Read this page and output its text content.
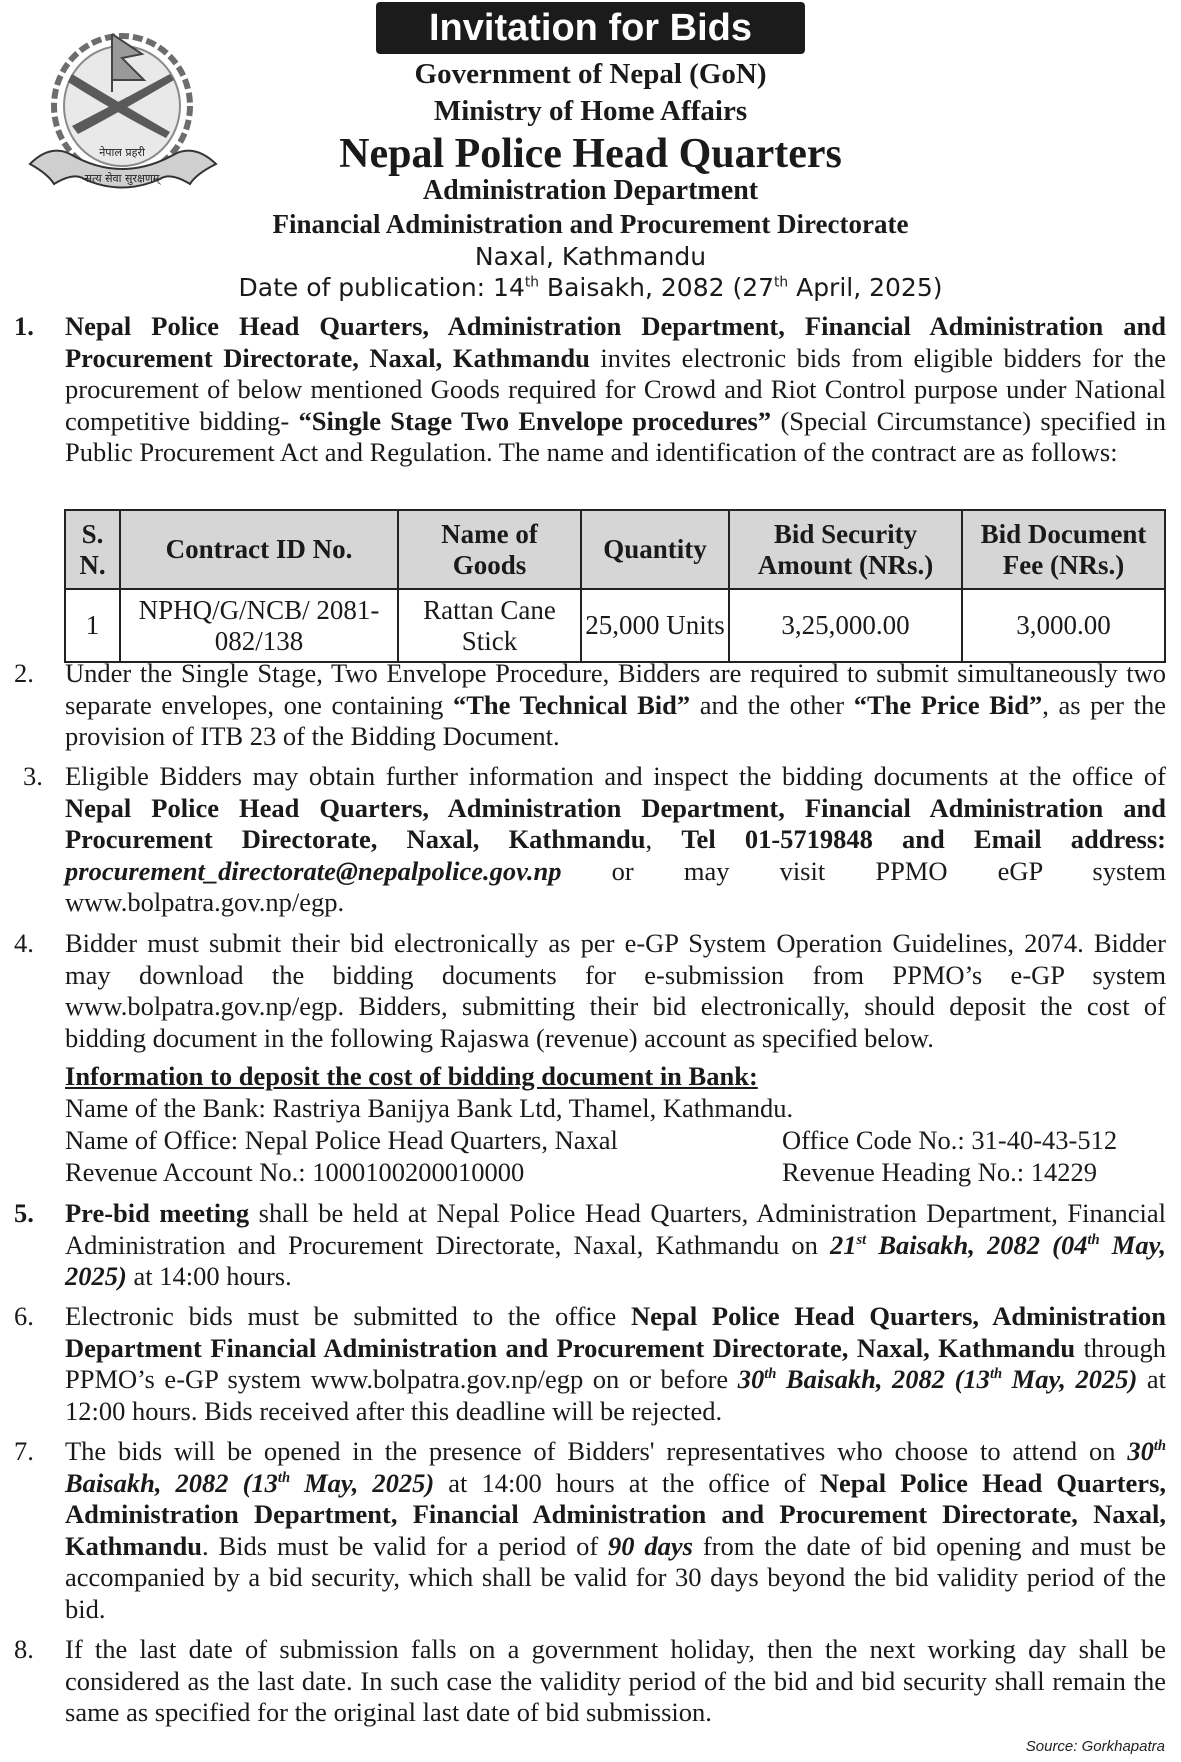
Invitation for Bids
नेपाल प्रहरी
सत्य सेवा सुरक्षणम्
Government of Nepal (GoN)
Ministry of Home Affairs
Nepal Police Head Quarters
Administration Department
Financial Administration and Procurement Directorate
Naxal, Kathmandu
Date of publication: 14th Baisakh, 2082 (27th April, 2025)
1.	Nepal Police Head Quarters, Administration Department, Financial Administration and Procurement Directorate, Naxal, Kathmandu invites electronic bids from eligible bidders for the procurement of below mentioned Goods required for Crowd and Riot Control purpose under National competitive bidding- “Single Stage Two Envelope procedures” (Special Circumstance) specified in Public Procurement Act and Regulation. The name and identification of the contract are as follows:
S. N.	Contract ID No.	Name of Goods	Quantity	Bid Security Amount (NRs.)	Bid Document Fee (NRs.)
1	NPHQ/G/NCB/ 2081-082/138	Rattan Cane Stick	25,000 Units	3,25,000.00	3,000.00
2.	Under the Single Stage, Two Envelope Procedure, Bidders are required to submit simultaneously two separate envelopes, one containing “The Technical Bid” and the other “The Price Bid”, as per the provision of ITB 23 of the Bidding Document.
3. Eligible Bidders may obtain further information and inspect the bidding documents at the office of Nepal Police Head Quarters, Administration Department, Financial Administration and Procurement Directorate, Naxal, Kathmandu, Tel 01-5719848 and Email address: procurement_directorate@nepalpolice.gov.np or may visit PPMO eGP system www.bolpatra.gov.np/egp.
4.	Bidder must submit their bid electronically as per e-GP System Operation Guidelines, 2074. Bidder may download the bidding documents for e-submission from PPMO’s e-GP system www.bolpatra.gov.np/egp. Bidders, submitting their bid electronically, should deposit the cost of bidding document in the following Rajaswa (revenue) account as specified below.
Information to deposit the cost of bidding document in Bank:
Name of the Bank: Rastriya Banijya Bank Ltd, Thamel, Kathmandu.
Name of Office: Nepal Police Head Quarters, Naxal	Office Code No.: 31-40-43-512
Revenue Account No.: 1000100200010000	Revenue Heading No.: 14229
5.	Pre-bid meeting shall be held at Nepal Police Head Quarters, Administration Department, Financial Administration and Procurement Directorate, Naxal, Kathmandu on 21st Baisakh, 2082 (04th May, 2025) at 14:00 hours.
6.	Electronic bids must be submitted to the office Nepal Police Head Quarters, Administration Department Financial Administration and Procurement Directorate, Naxal, Kathmandu through PPMO’s e-GP system www.bolpatra.gov.np/egp on or before 30th Baisakh, 2082 (13th May, 2025) at 12:00 hours. Bids received after this deadline will be rejected.
7.	The bids will be opened in the presence of Bidders' representatives who choose to attend on 30th Baisakh, 2082 (13th May, 2025) at 14:00 hours at the office of Nepal Police Head Quarters, Administration Department, Financial Administration and Procurement Directorate, Naxal, Kathmandu. Bids must be valid for a period of 90 days from the date of bid opening and must be accompanied by a bid security, which shall be valid for 30 days beyond the bid validity period of the bid.
8.	If the last date of submission falls on a government holiday, then the next working day shall be considered as the last date. In such case the validity period of the bid and bid security shall remain the same as specified for the original last date of bid submission.
Source: Gorkhapatra
